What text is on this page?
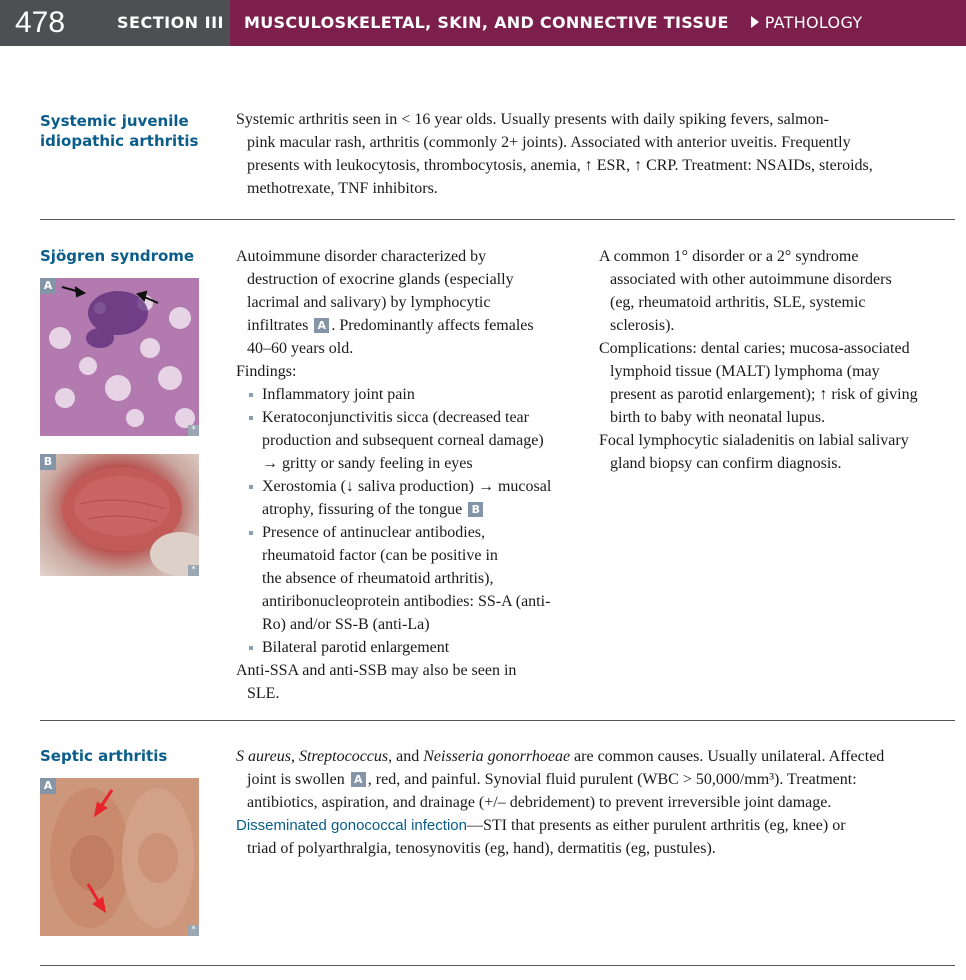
478	SECTION III	MUSCULOSKELETAL, SKIN, AND CONNECTIVE TISSUE PATHOLOGY
Systemic juvenile
idiopathic arthritis
Systemic arthritis seen in < 16 year olds. Usually presents with daily spiking fevers, salmon-
pink macular rash, arthritis (commonly 2+ joints). Associated with anterior uveitis. Frequently
presents with leukocytosis, thrombocytosis, anemia, ↑ ESR, ↑ CRP. Treatment: NSAIDs, steroids,
methotrexate, TNF inhibitors.
Sjögren syndrome
A
*
B
*
Autoimmune disorder characterized by
destruction of exocrine glands (especially
lacrimal and salivary) by lymphocytic
infiltrates A . Predominantly affects females
40–60 years old.
Findings:
Inflammatory joint pain
Keratoconjunctivitis sicca (decreased tear
production and subsequent corneal damage)
→ gritty or sandy feeling in eyes
Xerostomia (↓ saliva production) → mucosal
atrophy, fissuring of the tongue B
Presence of antinuclear antibodies,
rheumatoid factor (can be positive in
the absence of rheumatoid arthritis),
antiribonucleoprotein antibodies: SS-A (anti-
Ro) and/or SS-B (anti-La)
Bilateral parotid enlargement
Anti-SSA and anti-SSB may also be seen in
SLE.
A common 1° disorder or a 2° syndrome
associated with other autoimmune disorders
(eg, rheumatoid arthritis, SLE, systemic
sclerosis).
Complications: dental caries; mucosa-associated
lymphoid tissue (MALT) lymphoma (may
present as parotid enlargement); ↑ risk of giving
birth to baby with neonatal lupus.
Focal lymphocytic sialadenitis on labial salivary
gland biopsy can confirm diagnosis.
Septic arthritis
A
*
S aureus, Streptococcus, and Neisseria gonorrhoeae are common causes. Usually unilateral. Affected
joint is swollen A , red, and painful. Synovial fluid purulent (WBC > 50,000/mm³). Treatment:
antibiotics, aspiration, and drainage (+/– debridement) to prevent irreversible joint damage.
Disseminated gonococcal infection—STI that presents as either purulent arthritis (eg, knee) or
triad of polyarthralgia, tenosynovitis (eg, hand), dermatitis (eg, pustules).
